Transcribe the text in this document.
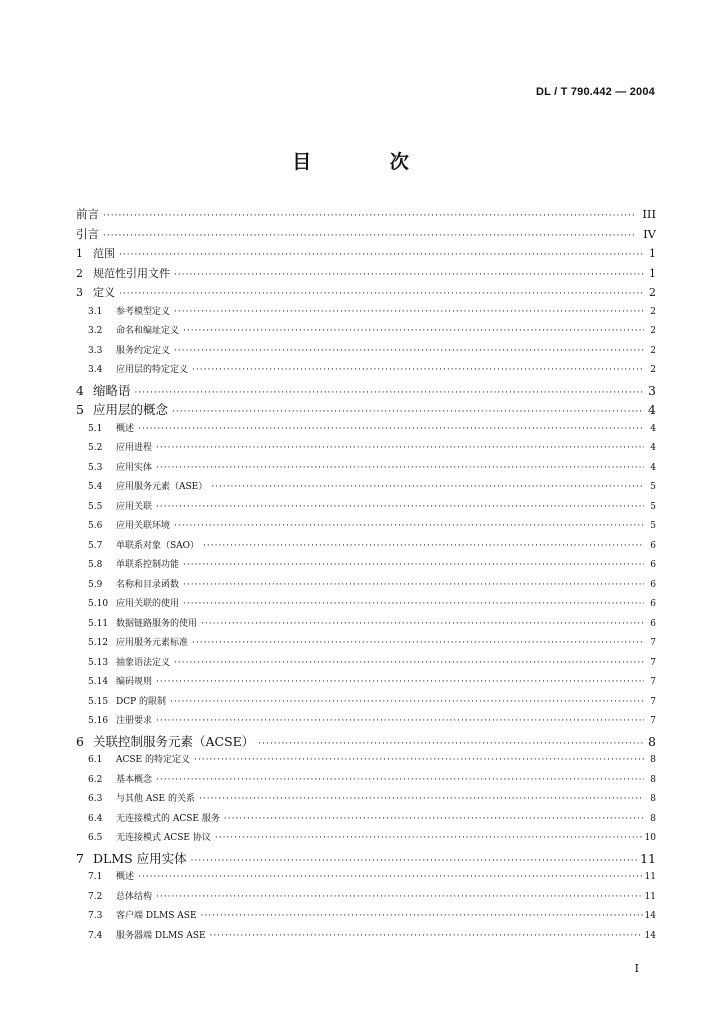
DL / T 790.442 — 2004
目 次
前言 ·····	III
引言 ·····	IV
1 范围 ·····	1
2 规范性引用文件 ·····	1
3 定义 ·····	2
3.1	参考模型定义 ·····	2
3.2	命名和编址定义 ·····	2
3.3	服务约定定义 ·····	2
3.4	应用层的特定定义 ·····	2
4 缩略语 ·····	3
5 应用层的概念 ·····	4
5.1	概述 ·····	4
5.2	应用进程 ·····	4
5.3	应用实体 ·····	4
5.4	应用服务元素（ASE） ·····	5
5.5	应用关联 ·····	5
5.6	应用关联环境 ·····	5
5.7	单联系对象（SAO） ·····	6
5.8	单联系控制功能 ·····	6
5.9	名称和目录函数 ·····	6
5.10 应用关联的使用 ·····	6
5.11 数据链路服务的使用 ·····	6
5.12 应用服务元素标准 ·····	7
5.13 抽象语法定义 ·····	7
5.14 编码规则 ·····	7
5.15 DCP 的限制 ·····	7
5.16 注册要求 ·····	7
6 关联控制服务元素（ACSE） ·····	8
6.1	ACSE 的特定定义 ·····	8
6.2	基本概念 ·····	8
6.3	与其他 ASE 的关系 ·····	8
6.4	无连接模式的 ACSE 服务 ·····	8
6.5	无连接模式 ACSE 协议 ·····	10
7 DLMS 应用实体 ·····	11
7.1	概述 ·····	11
7.2	总体结构 ·····	11
7.3	客户端 DLMS ASE ·····	14
7.4	服务器端 DLMS ASE ·····	14
I
